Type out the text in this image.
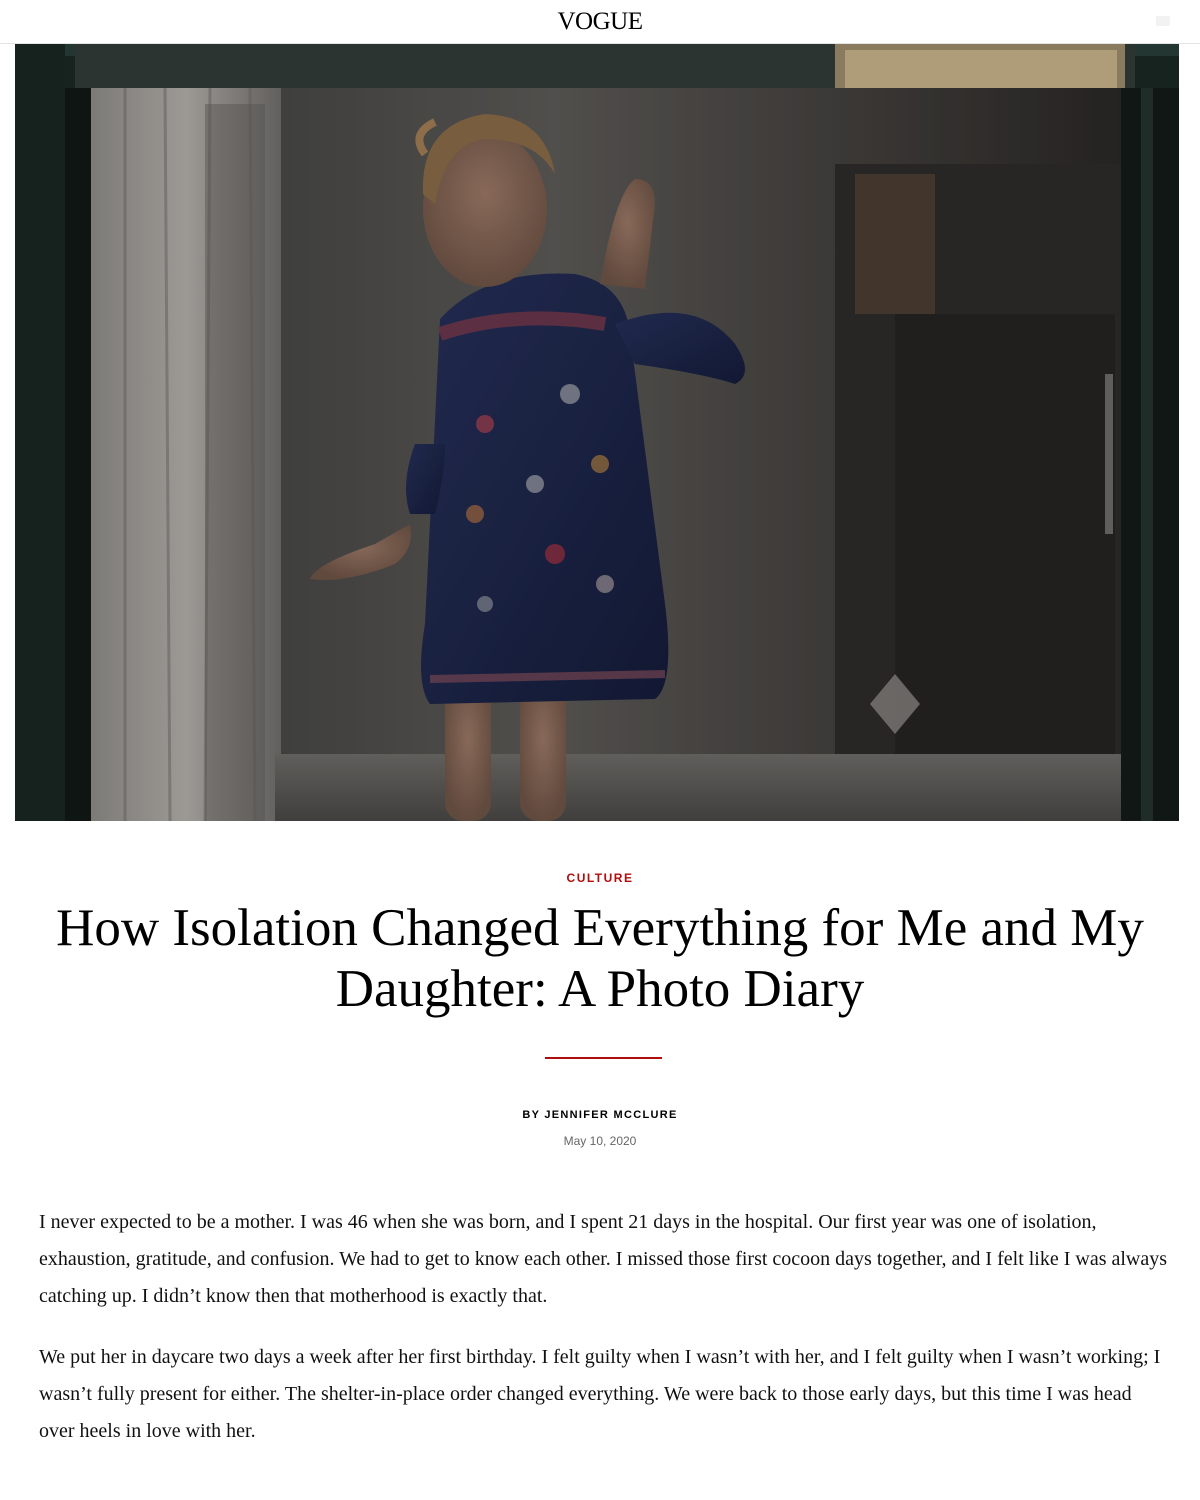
VOGUE
CULTURE
How Isolation Changed Everything for Me and My Daughter: A Photo Diary
BY JENNIFER MCCLURE
May 10, 2020

I never expected to be a mother. I was 46 when she was born, and I spent 21 days in the hospital. Our first year was one of isolation, exhaustion, gratitude, and confusion. We had to get to know each other. I missed those first cocoon days together, and I felt like I was always catching up. I didn’t know then that motherhood is exactly that.

We put her in daycare two days a week after her first birthday. I felt guilty when I wasn’t with her, and I felt guilty when I wasn’t working; I wasn’t fully present for either. The shelter-in-place order changed everything. We were back to those early days, but this time I was head over heels in love with her.
